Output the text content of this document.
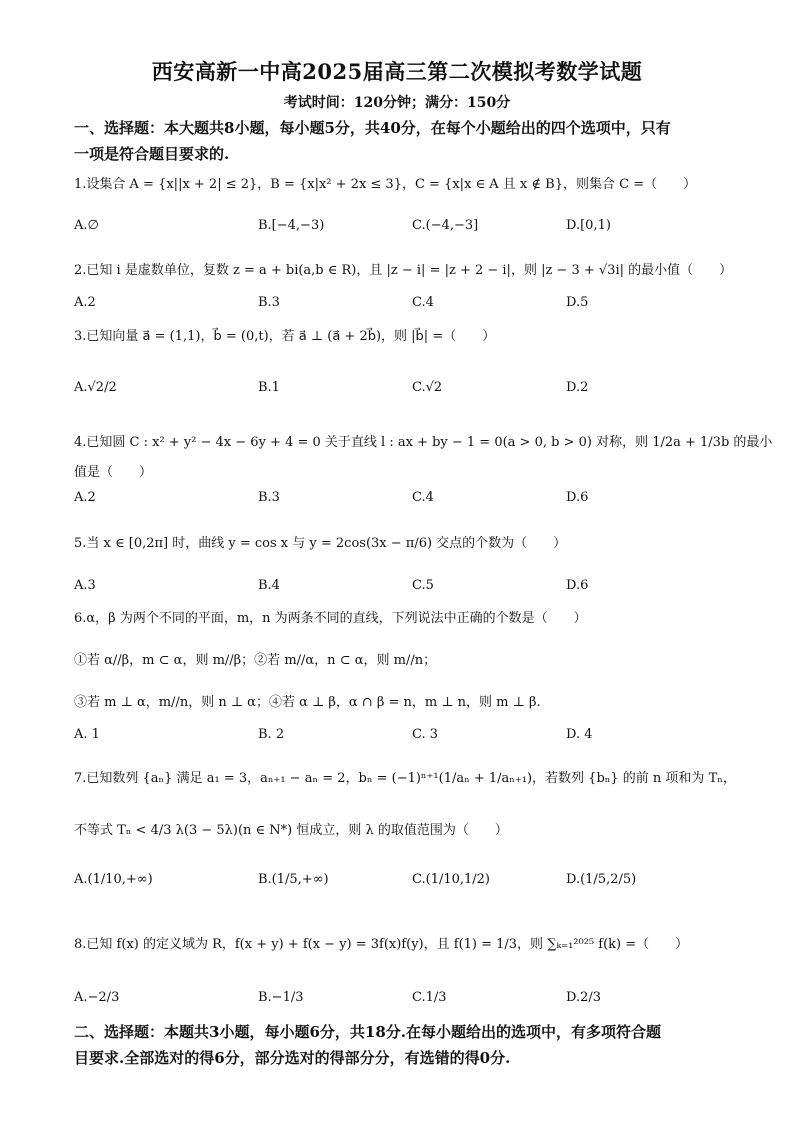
西安高新一中高2025届高三第二次模拟考数学试题
考试时间：120分钟；满分：150分
一、选择题：本大题共8小题，每小题5分，共40分，在每个小题给出的四个选项中，只有
一项是符合题目要求的.
1.设集合 A = {x||x + 2| ≤ 2}，B = {x|x² + 2x ≤ 3}，C = {x|x ∈ A 且 x ∉ B}，则集合 C =（　　）
A.∅	B.[−4,−3)	C.(−4,−3]	D.[0,1)
2.已知 i 是虚数单位，复数 z = a + bi(a,b ∈ R)，且 |z − i| = |z + 2 − i|，则 |z − 3 + √3i| 的最小值（　　）
A.2	B.3	C.4	D.5
3.已知向量 a⃗ = (1,1)，b⃗ = (0,t)，若 a⃗ ⊥ (a⃗ + 2b⃗)，则 |b⃗| =（　　）
A.√2/2	B.1	C.√2	D.2
4.已知圆 C : x² + y² − 4x − 6y + 4 = 0 关于直线 l : ax + by − 1 = 0(a > 0, b > 0) 对称，则 1/2a + 1/3b 的最小
值是（　　）
A.2	B.3	C.4	D.6
5.当 x ∈ [0,2π] 时，曲线 y = cos x 与 y = 2cos(3x − π/6) 交点的个数为（　　）
A.3	B.4	C.5	D.6
6.α，β 为两个不同的平面，m，n 为两条不同的直线，下列说法中正确的个数是（　　）
①若 α//β，m ⊂ α，则 m//β；②若 m//α，n ⊂ α，则 m//n；
③若 m ⊥ α，m//n，则 n ⊥ α；④若 α ⊥ β，α ∩ β = n，m ⊥ n，则 m ⊥ β.
A. 1	B. 2	C. 3	D. 4
7.已知数列 {aₙ} 满足 a₁ = 3，aₙ₊₁ − aₙ = 2，bₙ = (−1)ⁿ⁺¹(1/aₙ + 1/aₙ₊₁)，若数列 {bₙ} 的前 n 项和为 Tₙ，
不等式 Tₙ < 4/3 λ(3 − 5λ)(n ∈ N*) 恒成立，则 λ 的取值范围为（　　）
A.(1/10,+∞)	B.(1/5,+∞)	C.(1/10,1/2)	D.(1/5,2/5)
8.已知 f(x) 的定义域为 R，f(x + y) + f(x − y) = 3f(x)f(y)，且 f(1) = 1/3，则 ∑ₖ₌₁²⁰²⁵ f(k) =（　　）
A.−2/3	B.−1/3	C.1/3	D.2/3
二、选择题：本题共3小题，每小题6分，共18分.在每小题给出的选项中，有多项符合题
目要求.全部选对的得6分，部分选对的得部分分，有选错的得0分.
